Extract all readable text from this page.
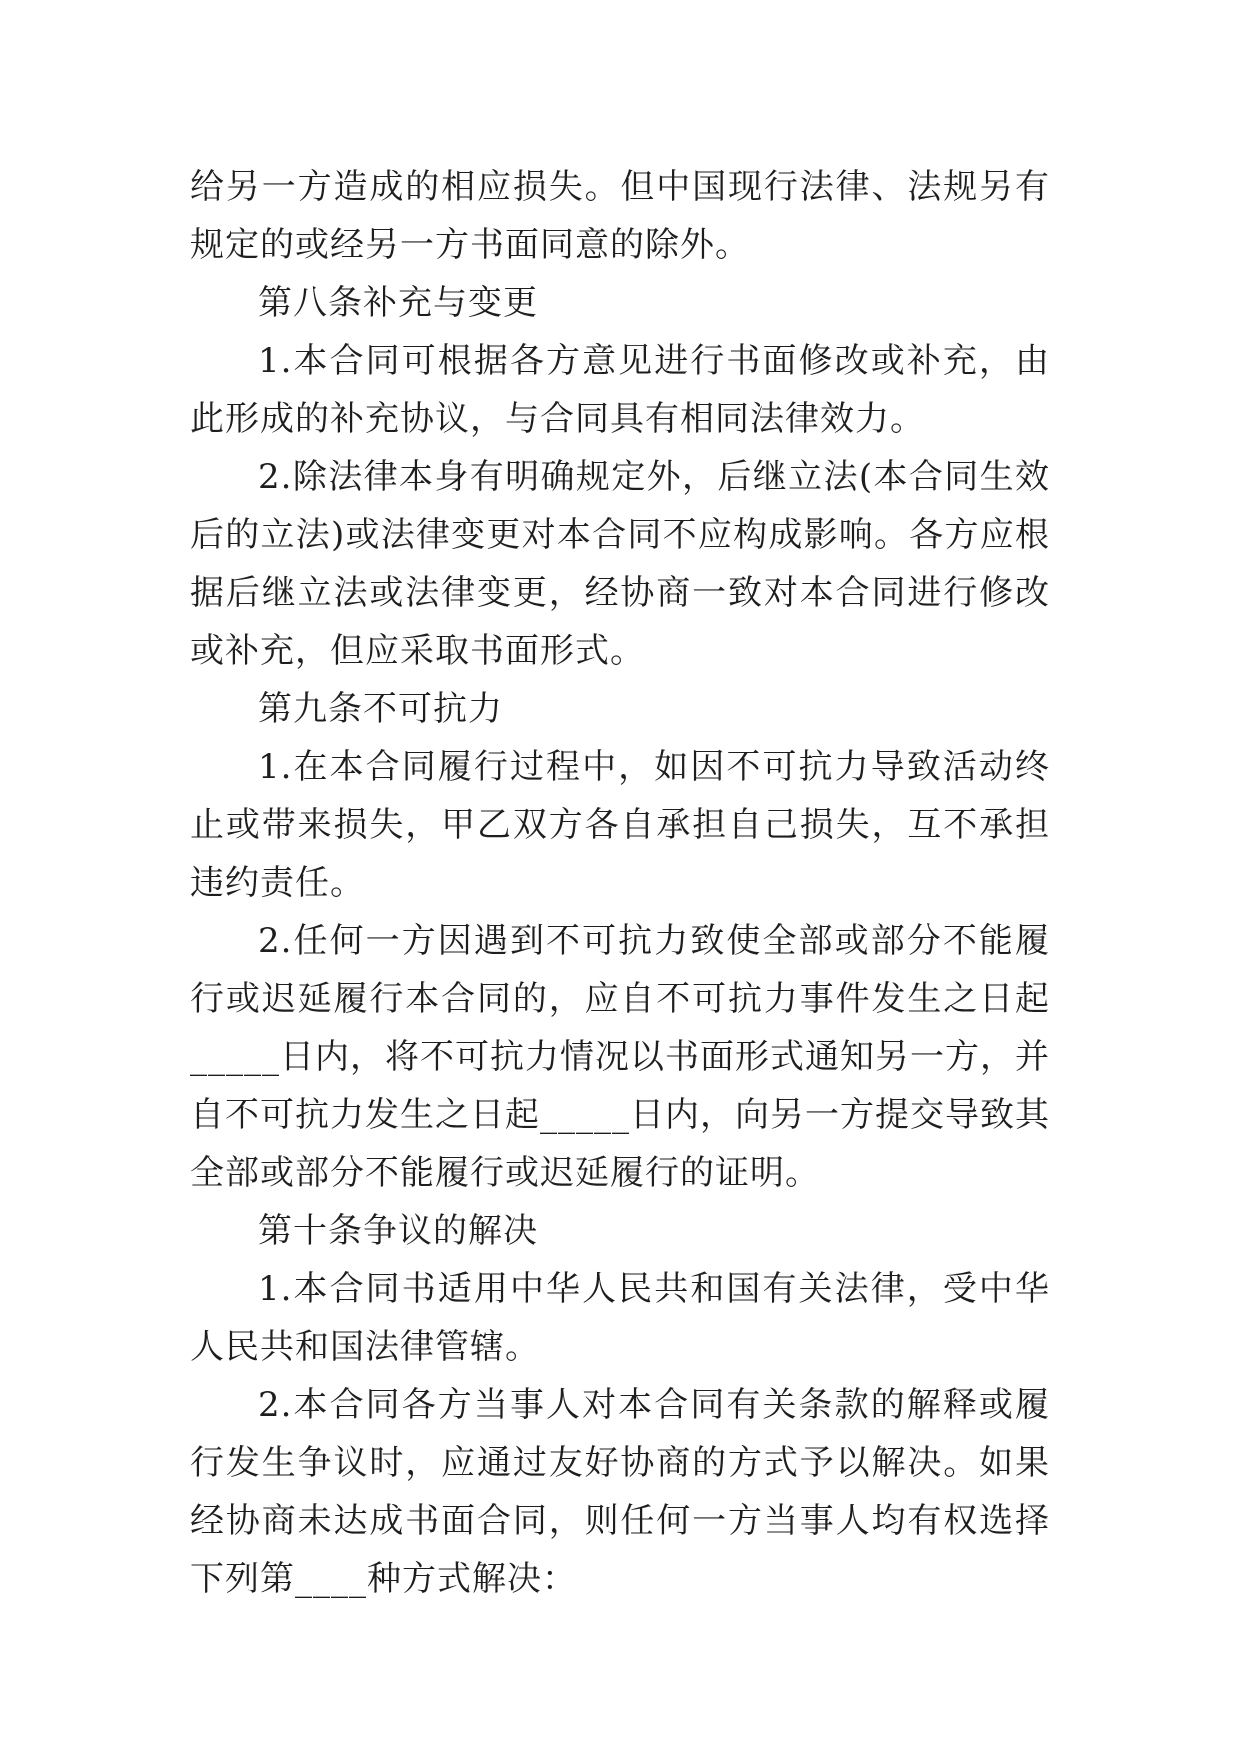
给另一方造成的相应损失。但中国现行法律、法规另有规定的或经另一方书面同意的除外。

第八条补充与变更

1.本合同可根据各方意见进行书面修改或补充，由此形成的补充协议，与合同具有相同法律效力。

2.除法律本身有明确规定外，后继立法(本合同生效后的立法)或法律变更对本合同不应构成影响。各方应根据后继立法或法律变更，经协商一致对本合同进行修改或补充，但应采取书面形式。

第九条不可抗力

1.在本合同履行过程中，如因不可抗力导致活动终止或带来损失，甲乙双方各自承担自己损失，互不承担违约责任。

2.任何一方因遇到不可抗力致使全部或部分不能履行或迟延履行本合同的，应自不可抗力事件发生之日起_____日内，将不可抗力情况以书面形式通知另一方，并自不可抗力发生之日起_____日内，向另一方提交导致其全部或部分不能履行或迟延履行的证明。

第十条争议的解决

1.本合同书适用中华人民共和国有关法律，受中华人民共和国法律管辖。

2.本合同各方当事人对本合同有关条款的解释或履行发生争议时，应通过友好协商的方式予以解决。如果经协商未达成书面合同，则任何一方当事人均有权选择下列第____种方式解决：
